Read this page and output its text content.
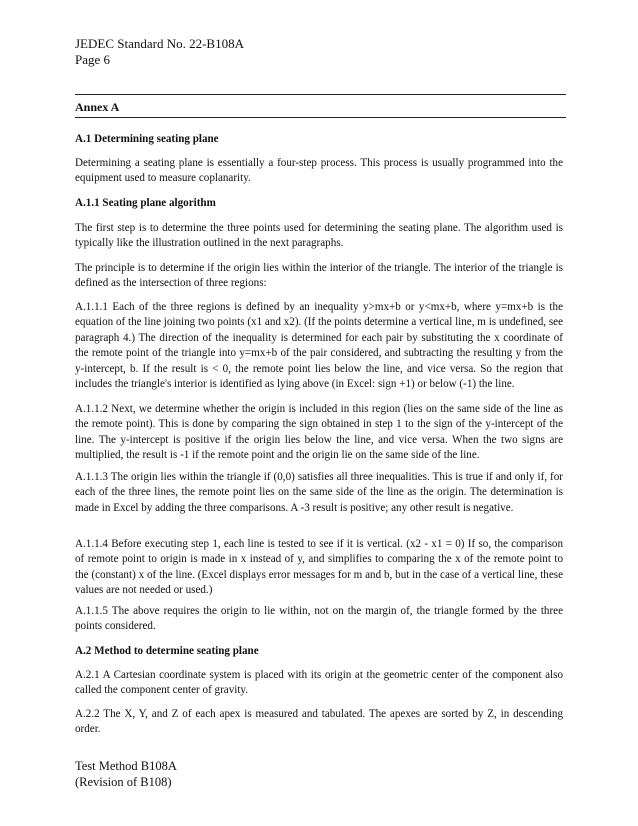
JEDEC Standard No. 22-B108A
Page 6
Annex A
A.1 Determining seating plane
Determining a seating plane is essentially a four-step process. This process is usually programmed into the equipment used to measure coplanarity.
A.1.1 Seating plane algorithm
The first step is to determine the three points used for determining the seating plane. The algorithm used is typically like the illustration outlined in the next paragraphs.
The principle is to determine if the origin lies within the interior of the triangle. The interior of the triangle is defined as the intersection of three regions:
A.1.1.1 Each of the three regions is defined by an inequality y>mx+b or y<mx+b, where y=mx+b is the equation of the line joining two points (x1 and x2). (If the points determine a vertical line, m is undefined, see paragraph 4.) The direction of the inequality is determined for each pair by substituting the x coordinate of the remote point of the triangle into y=mx+b of the pair considered, and subtracting the resulting y from the y-intercept, b. If the result is < 0, the remote point lies below the line, and vice versa. So the region that includes the triangle's interior is identified as lying above (in Excel: sign +1) or below (-1) the line.
A.1.1.2 Next, we determine whether the origin is included in this region (lies on the same side of the line as the remote point). This is done by comparing the sign obtained in step 1 to the sign of the y-intercept of the line. The y-intercept is positive if the origin lies below the line, and vice versa. When the two signs are multiplied, the result is -1 if the remote point and the origin lie on the same side of the line.
A.1.1.3 The origin lies within the triangle if (0,0) satisfies all three inequalities. This is true if and only if, for each of the three lines, the remote point lies on the same side of the line as the origin. The determination is made in Excel by adding the three comparisons. A -3 result is positive; any other result is negative.
A.1.1.4 Before executing step 1, each line is tested to see if it is vertical. (x2 - x1 = 0) If so, the comparison of remote point to origin is made in x instead of y, and simplifies to comparing the x of the remote point to the (constant) x of the line. (Excel displays error messages for m and b, but in the case of a vertical line, these values are not needed or used.)
A.1.1.5 The above requires the origin to lie within, not on the margin of, the triangle formed by the three points considered.
A.2 Method to determine seating plane
A.2.1 A Cartesian coordinate system is placed with its origin at the geometric center of the component also called the component center of gravity.
A.2.2 The X, Y, and Z of each apex is measured and tabulated. The apexes are sorted by Z, in descending order.
Test Method B108A
(Revision of B108)
